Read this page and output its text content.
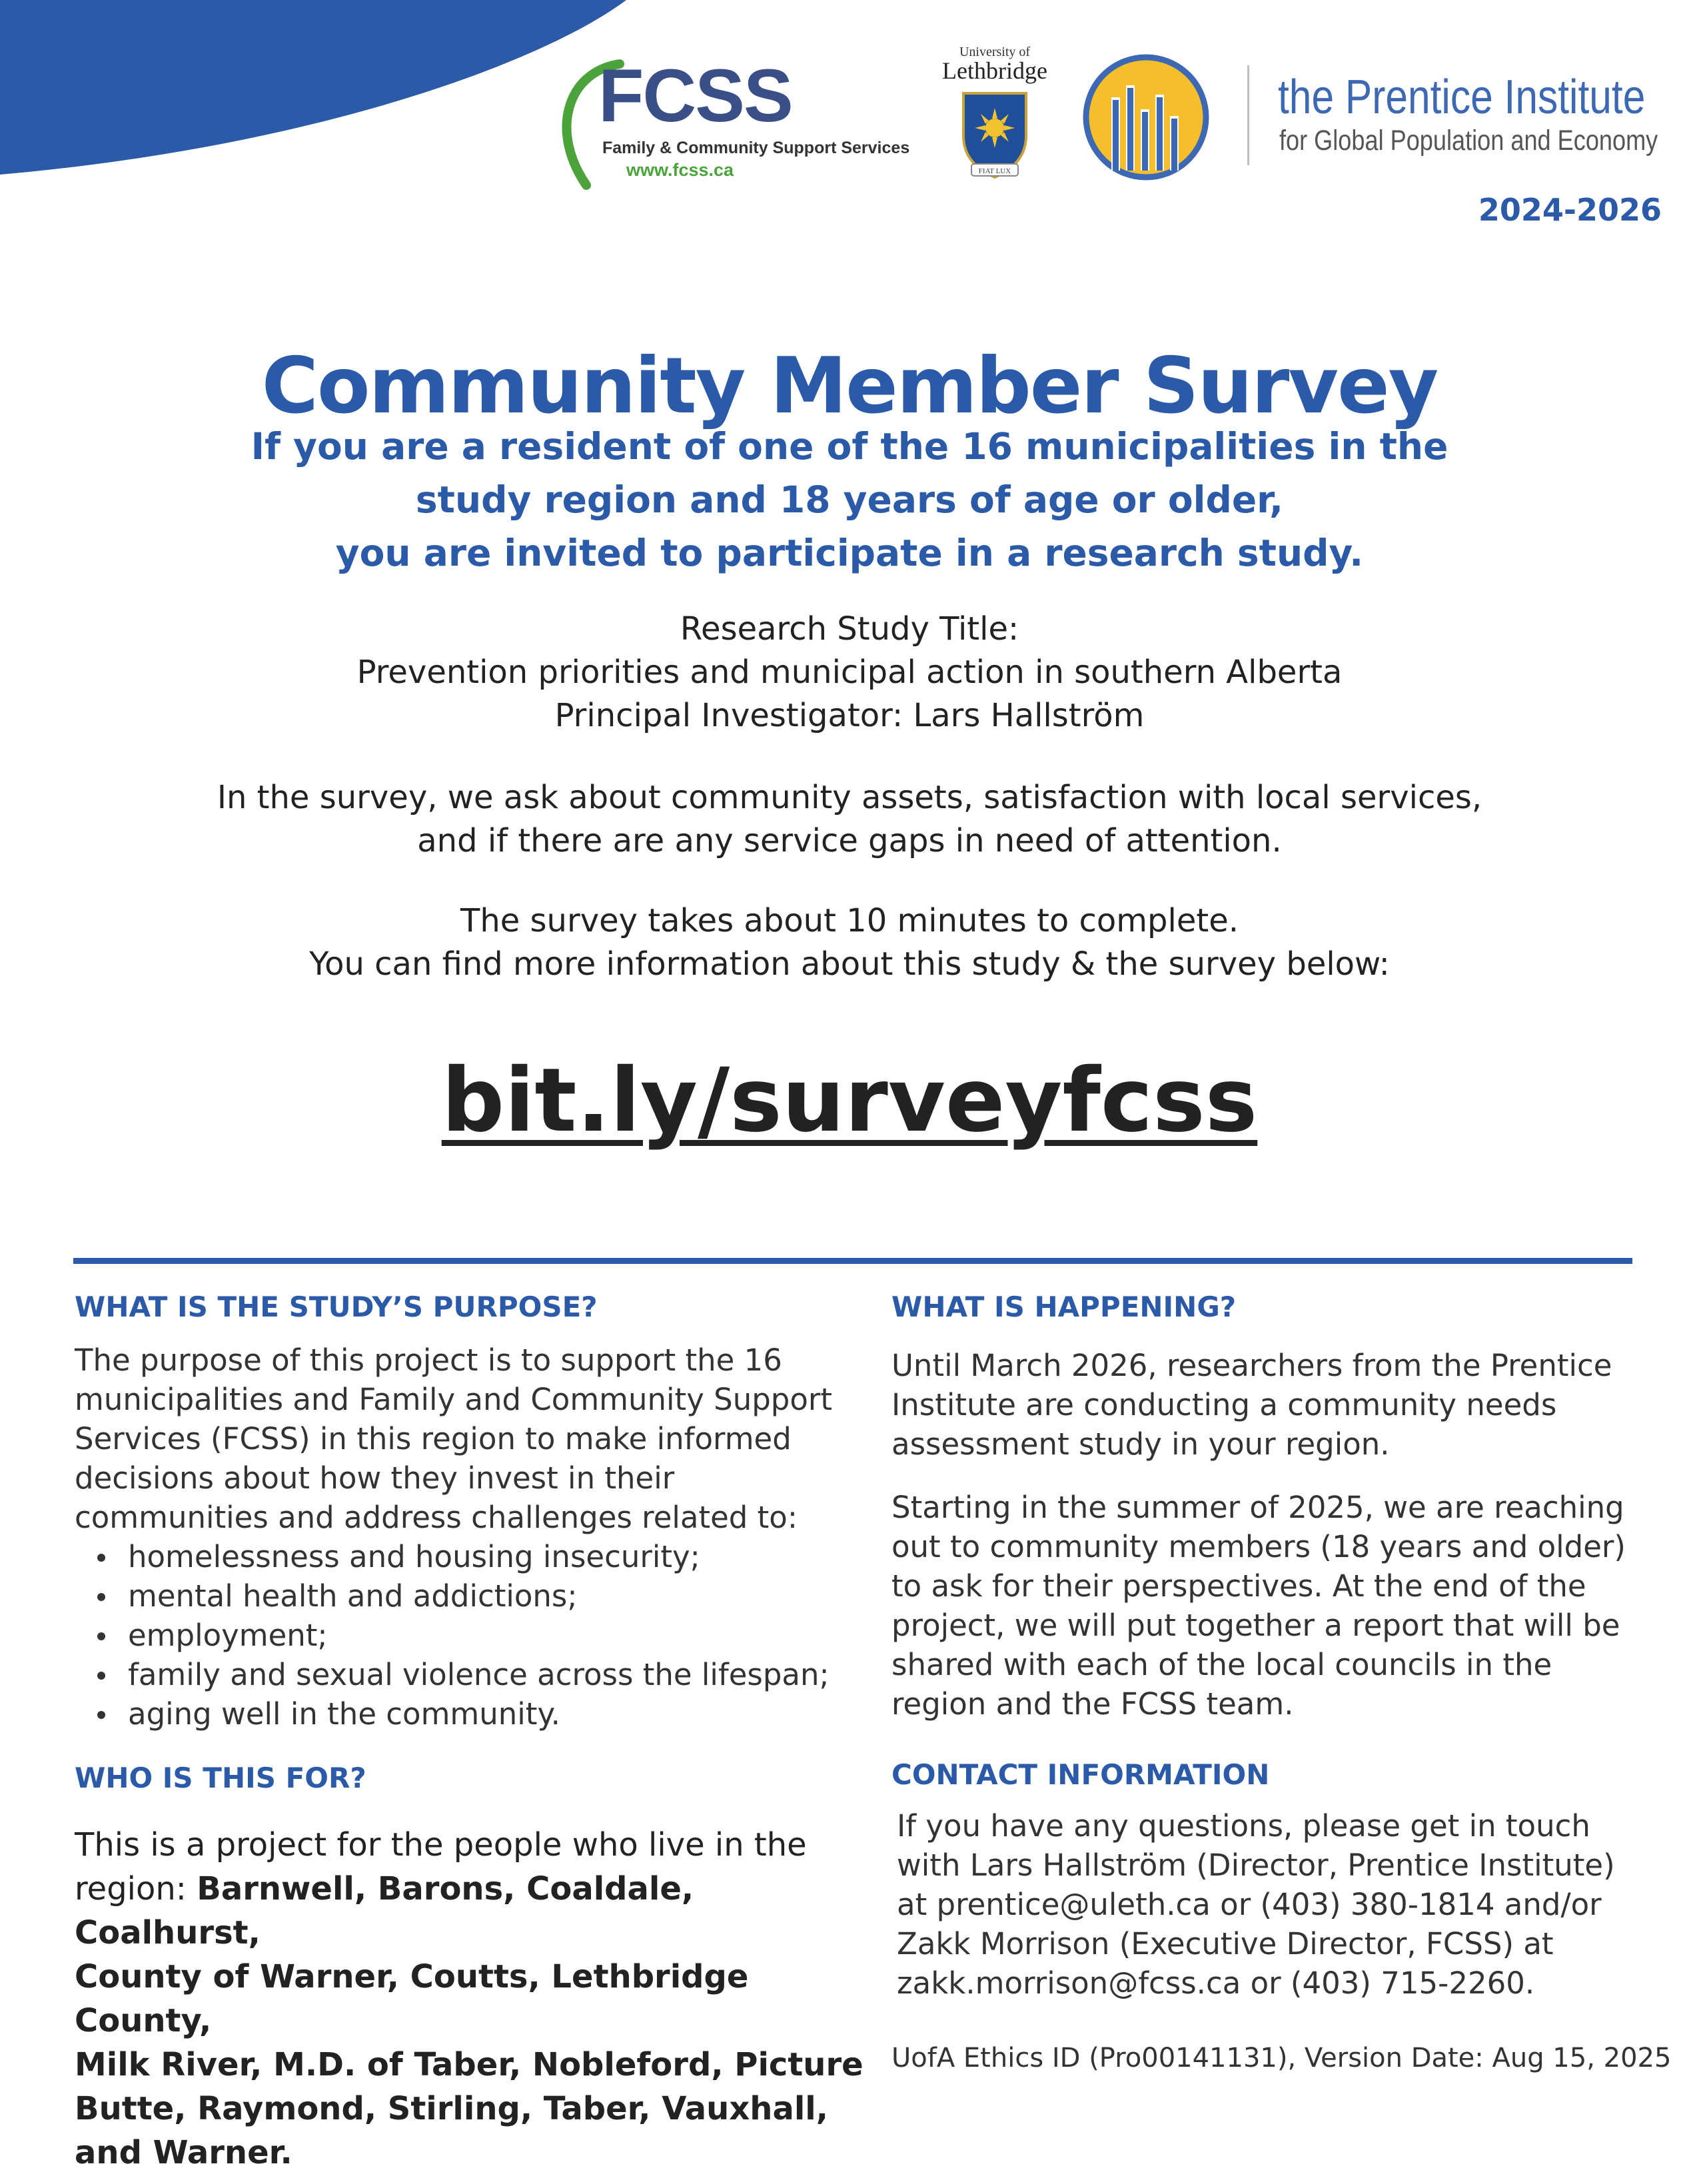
FCSS
Family & Community Support Services
www.fcss.ca
University of
Lethbridge
FIAT LUX
the Prentice Institute
for Global Population and Economy
2024-2026
Community Member Survey
If you are a resident of one of the 16 municipalities in the
study region and 18 years of age or older,
you are invited to participate in a research study.
Research Study Title:
Prevention priorities and municipal action in southern Alberta
Principal Investigator: Lars Hallström
In the survey, we ask about community assets, satisfaction with local services,
and if there are any service gaps in need of attention.
The survey takes about 10 minutes to complete.
You can find more information about this study & the survey below:
bit.ly/surveyfcss
WHAT IS THE STUDY’S PURPOSE?

The purpose of this project is to support the 16

municipalities and Family and Community Support

Services (FCSS) in this region to make informed

decisions about how they invest in their

communities and address challenges related to:

homelessness and housing insecurity;
mental health and addictions;
employment;
family and sexual violence across the lifespan;
aging well in the community.
WHO IS THIS FOR?

This is a project for the people who live in the

region: Barnwell, Barons, Coaldale, Coalhurst,

County of Warner, Coutts, Lethbridge County,

Milk River, M.D. of Taber, Nobleford, Picture

Butte, Raymond, Stirling, Taber, Vauxhall,

and Warner.

WHAT IS HAPPENING?

Until March 2026, researchers from the Prentice

Institute are conducting a community needs

assessment study in your region.

Starting in the summer of 2025, we are reaching

out to community members (18 years and older)

to ask for their perspectives. At the end of the

project, we will put together a report that will be

shared with each of the local councils in the

region and the FCSS team.

CONTACT INFORMATION

If you have any questions, please get in touch

with Lars Hallström (Director, Prentice Institute)

at prentice@uleth.ca or (403) 380-1814 and/or

Zakk Morrison (Executive Director, FCSS) at

zakk.morrison@fcss.ca or (403) 715-2260.

UofA Ethics ID (Pro00141131), Version Date: Aug 15, 2025
